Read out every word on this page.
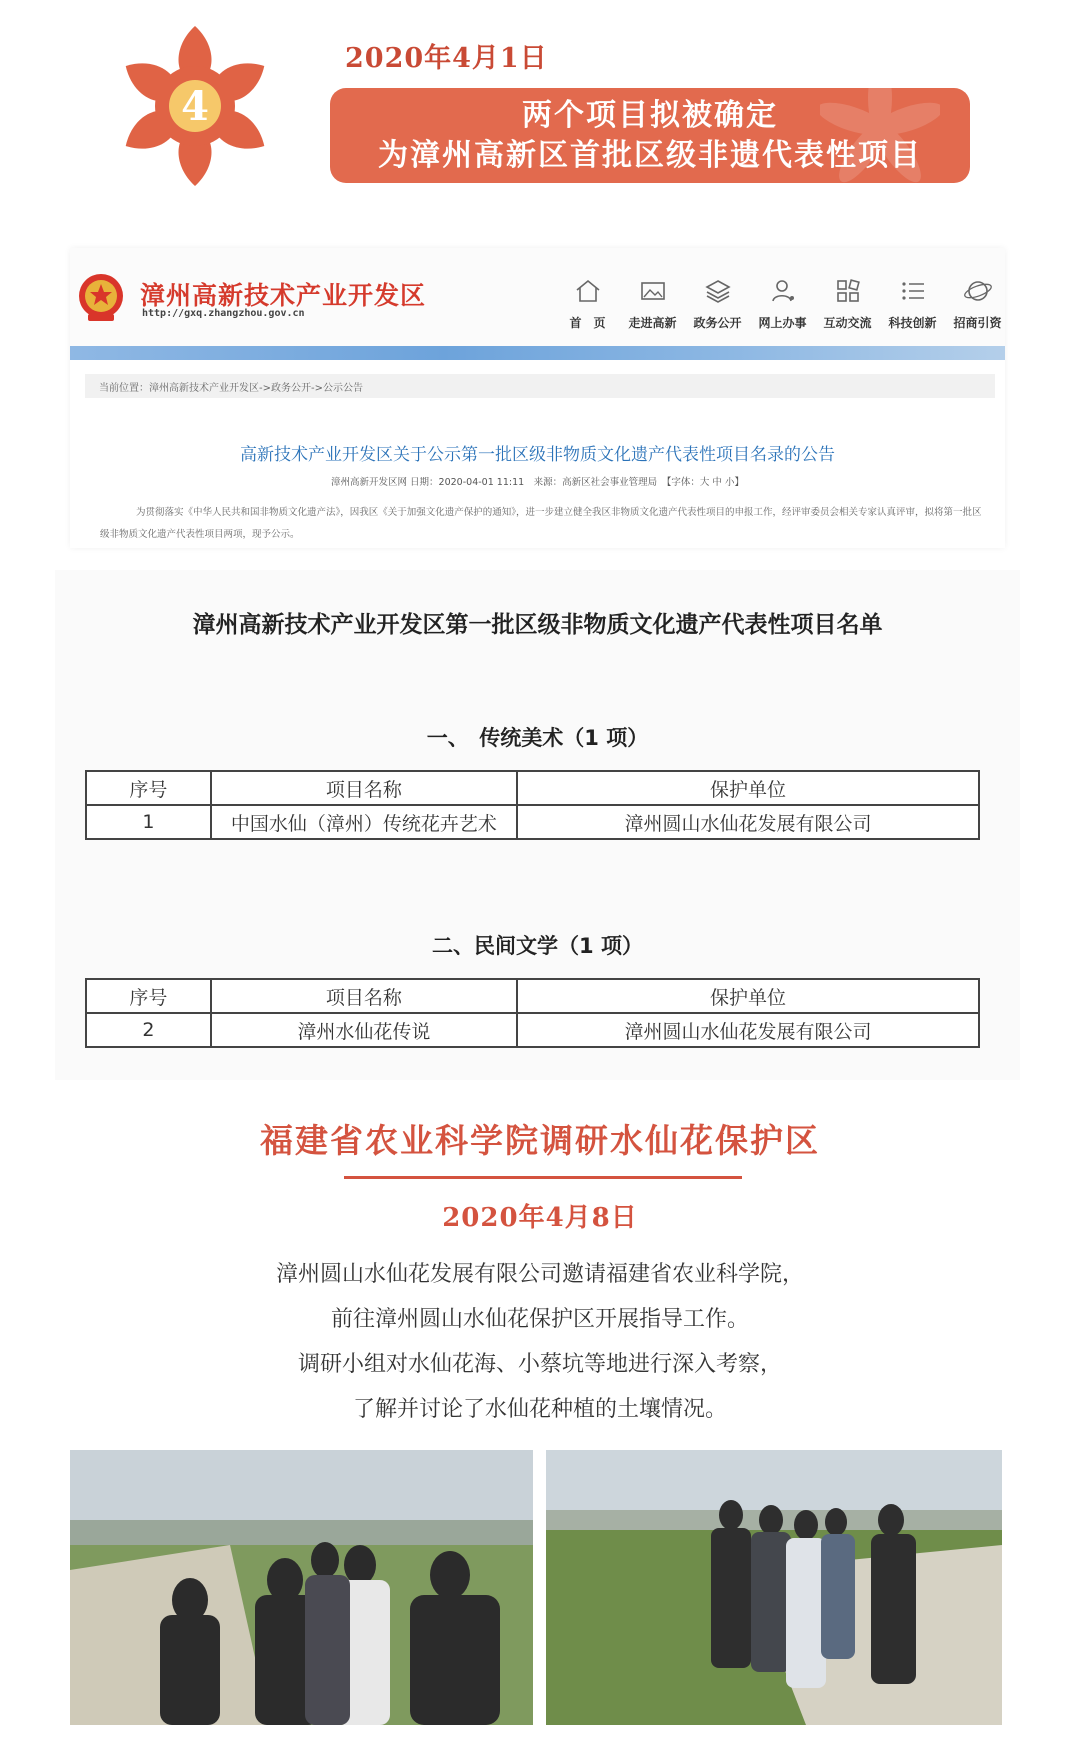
4
2020年4月1日
两个项目拟被确定
为漳州高新区首批区级非遗代表性项目
漳州高新技术产业开发区
http://gxq.zhangzhou.gov.cn
首　页	走进高新	政务公开	网上办事	互动交流	科技创新	招商引资
当前位置：漳州高新技术产业开发区->政务公开->公示公告
高新技术产业开发区关于公示第一批区级非物质文化遗产代表性项目名录的公告
漳州高新开发区网 日期：2020-04-01 11:11　来源：高新区社会事业管理局　【字体：大 中 小】
为贯彻落实《中华人民共和国非物质文化遗产法》，因我区《关于加强文化遗产保护的通知》，进一步建立健全我区非物质文化遗产代表性项目的申报工作，经评审委员会相关专家认真评审，拟将第一批区级非物质文化遗产代表性项目两项，现予公示。
漳州高新技术产业开发区第一批区级非物质文化遗产代表性项目名单
一、　传统美术（1 项）
序号	项目名称	保护单位
1	中国水仙（漳州）传统花卉艺术	漳州圆山水仙花发展有限公司
二、民间文学（1 项）
序号	项目名称	保护单位
2	漳州水仙花传说	漳州圆山水仙花发展有限公司
福建省农业科学院调研水仙花保护区
2020年4月8日
漳州圆山水仙花发展有限公司邀请福建省农业科学院，
前往漳州圆山水仙花保护区开展指导工作。
调研小组对水仙花海、小蔡坑等地进行深入考察，
了解并讨论了水仙花种植的土壤情况。
